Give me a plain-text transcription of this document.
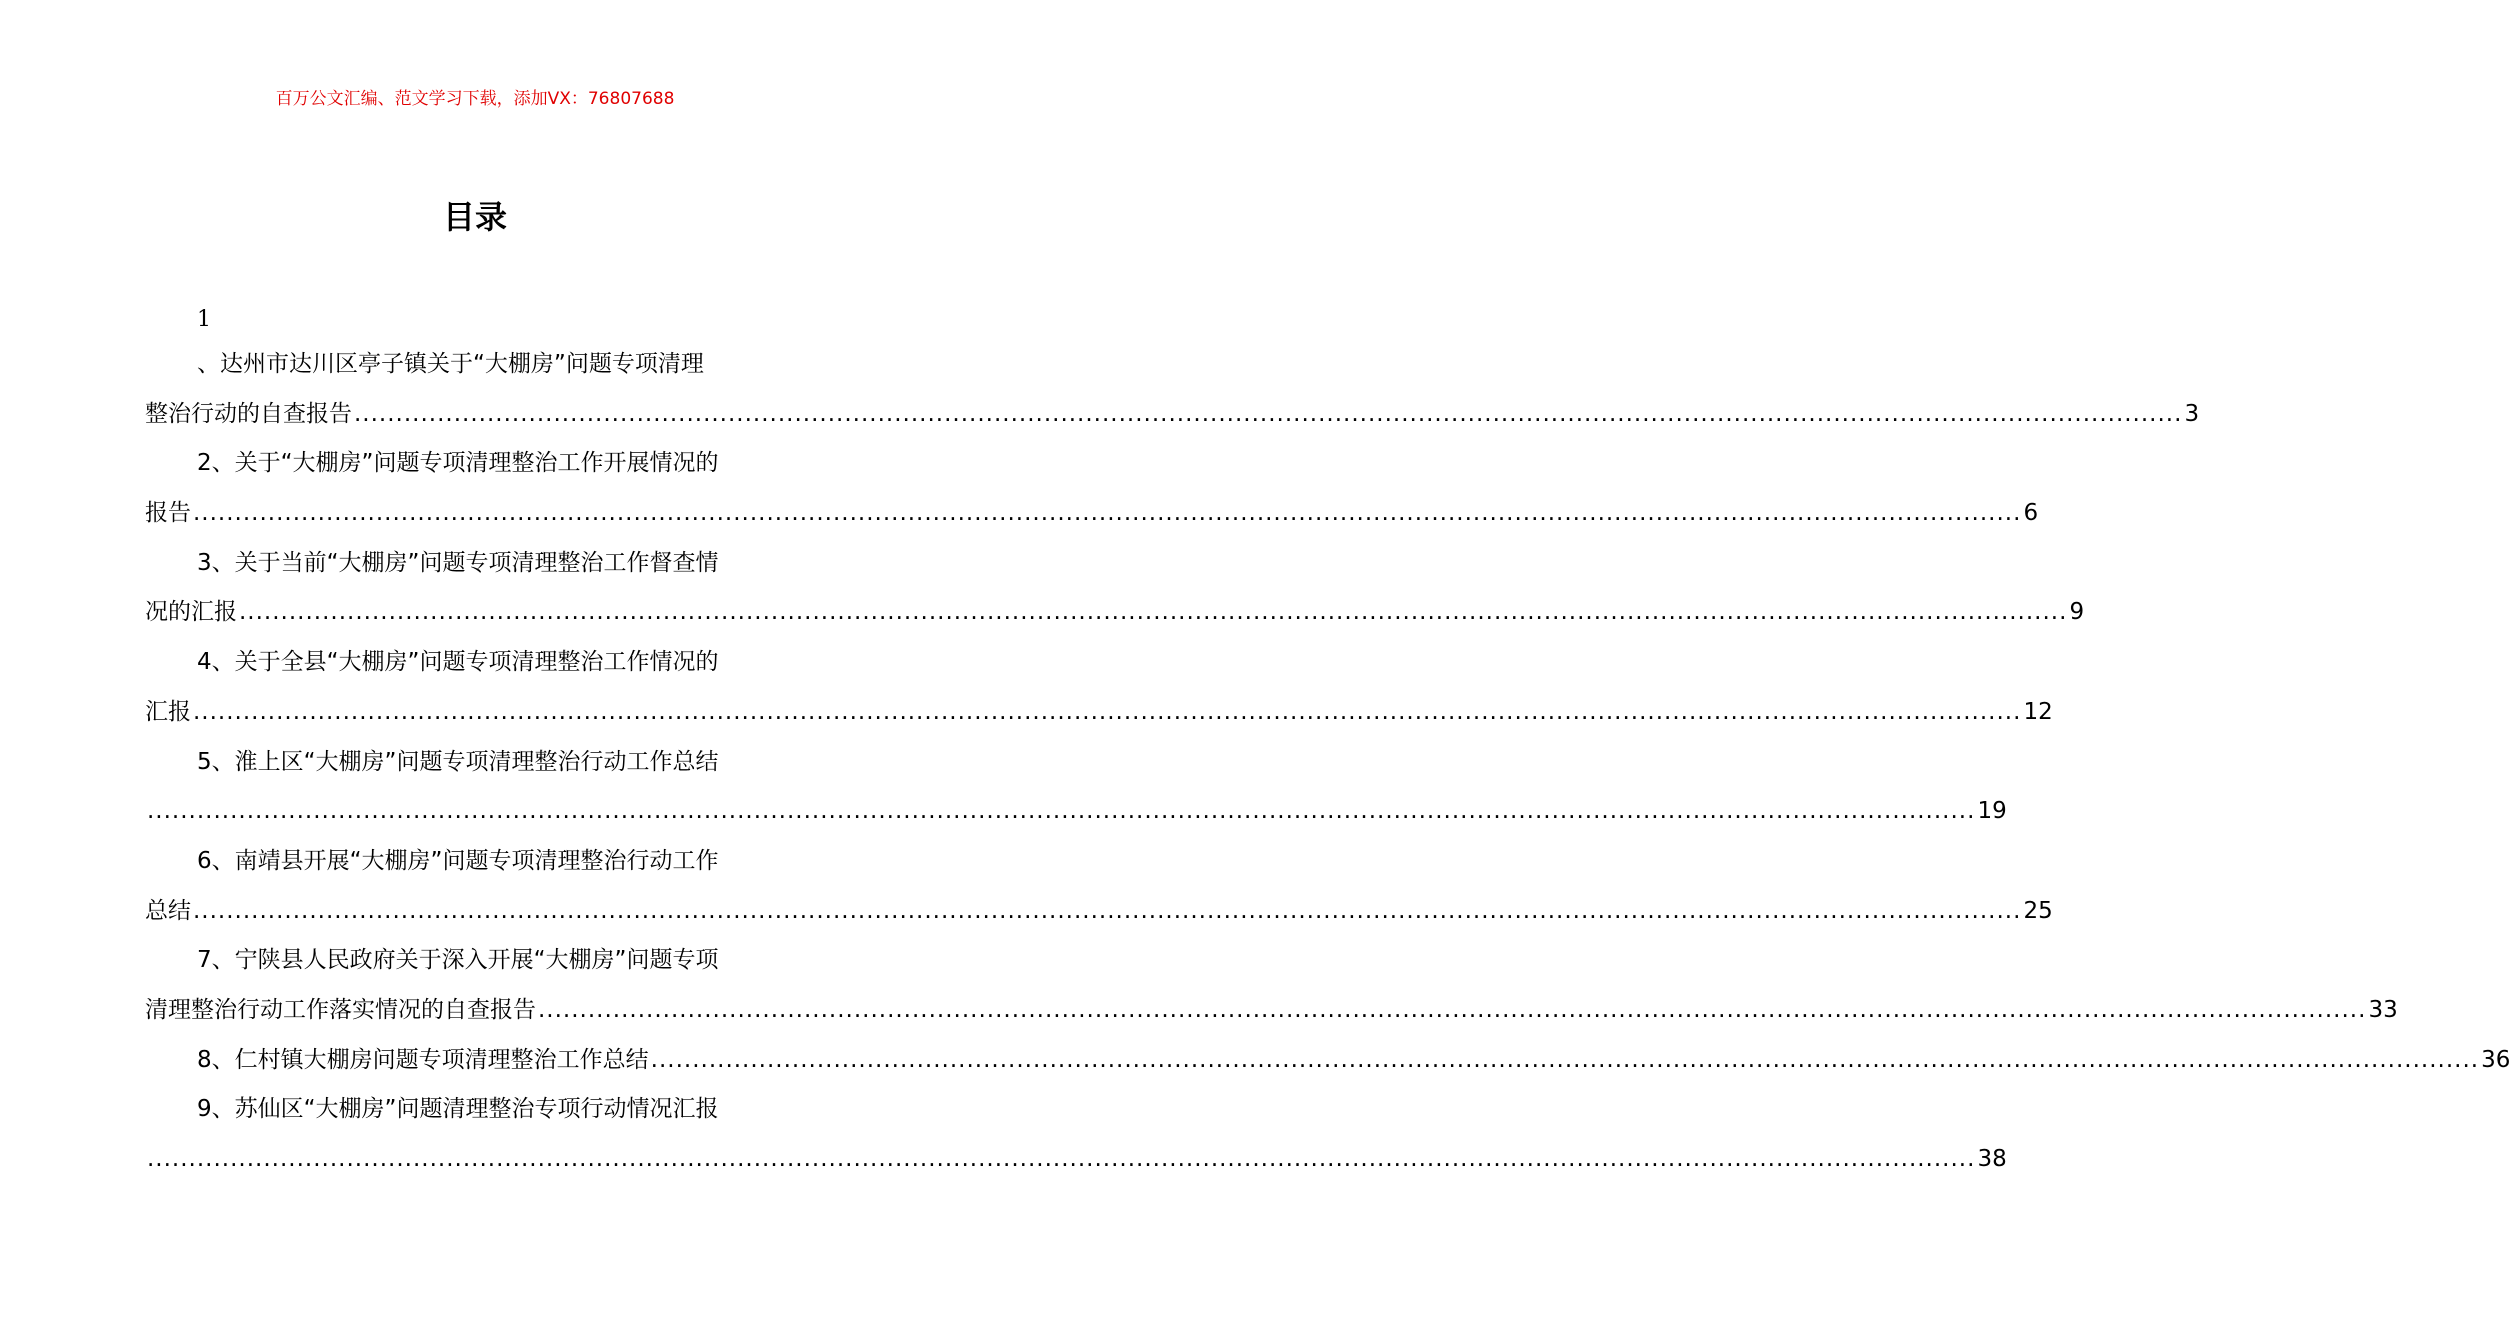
百万公文汇编、范文学习下载，添加VX：76807688
目录
1
、达州市达川区亭子镇关于“大棚房”问题专项清理
整治行动的自查报告 ............................................................................................................................................................................................................................ 3
2、关于“大棚房”问题专项清理整治工作开展情况的
报告 ............................................................................................................................................................................................................................ 6
3、关于当前“大棚房”问题专项清理整治工作督查情
况的汇报 ............................................................................................................................................................................................................................ 9
4、关于全县“大棚房”问题专项清理整治工作情况的
汇报 ............................................................................................................................................................................................................................ 12
5、淮上区“大棚房”问题专项清理整治行动工作总结
............................................................................................................................................................................................................................ 19
6、南靖县开展“大棚房”问题专项清理整治行动工作
总结 ............................................................................................................................................................................................................................ 25
7、宁陕县人民政府关于深入开展“大棚房”问题专项
清理整治行动工作落实情况的自查报告 ............................................................................................................................................................................................................................ 33
8、仁村镇大棚房问题专项清理整治工作总结 ............................................................................................................................................................................................................................ 36
9、苏仙区“大棚房”问题清理整治专项行动情况汇报
............................................................................................................................................................................................................................ 38
